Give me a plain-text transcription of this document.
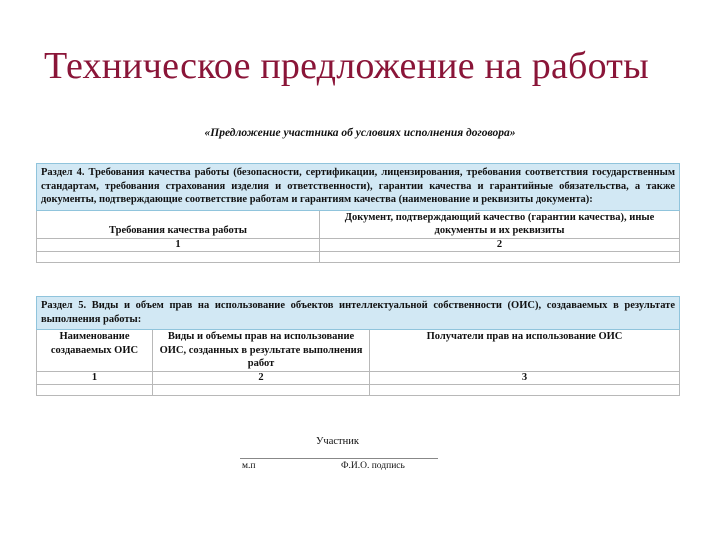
Техническое предложение на работы
«Предложение участника об условиях исполнения договора»
Раздел 4. Требования качества работы (безопасности, сертификации, лицензирования, требования соответствия государственным стандартам, требования страхования изделия и ответственности), гарантии качества и гарантийные обязательства, а также документы, подтверждающие соответствие работам и гарантиям качества (наименование и реквизиты документа):	
Требования качества работы	Документ, подтверждающий качество (гарантии качества), иные документы и их реквизиты
1	2

Раздел 5. Виды и объем прав на использование объектов интеллектуальной собственности (ОИС), создаваемых в результате выполнения работы:		
Наименование создаваемых ОИС	Виды и объемы прав на использование ОИС, созданных в результате выполнения работ	Получатели прав на использование ОИС
1	2	3

Участник
м.п	Ф.И.О. подпись
